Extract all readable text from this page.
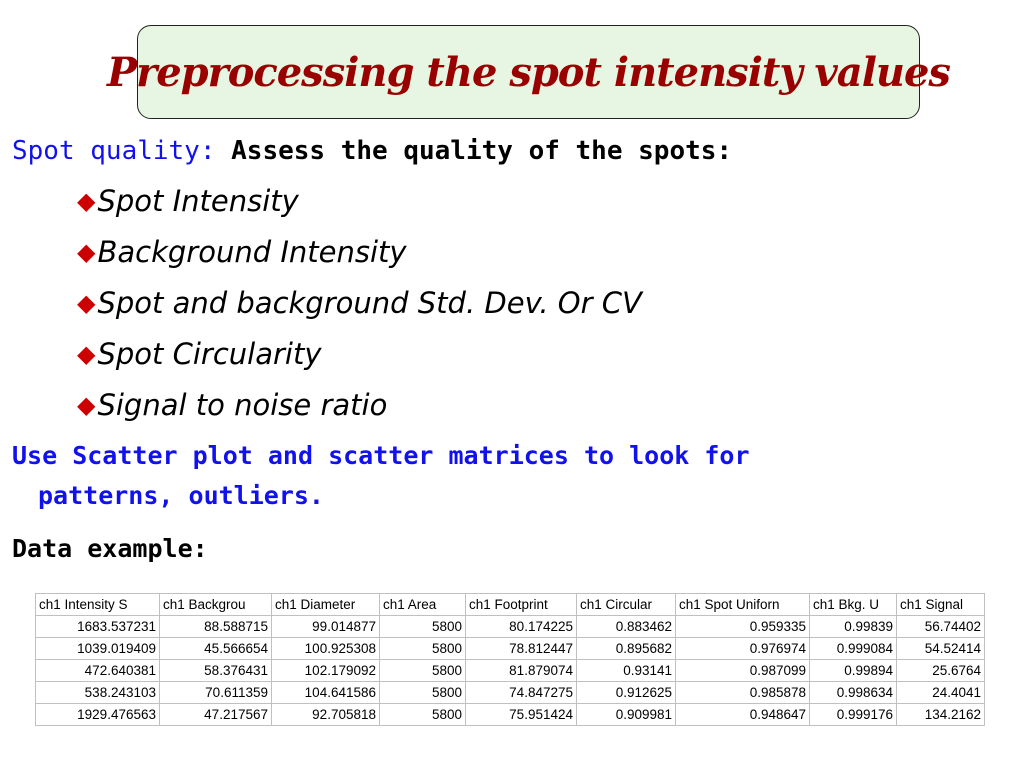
Preprocessing the spot intensity values
Spot quality: Assess the quality of the spots:
◆Spot Intensity
◆Background Intensity
◆Spot and background Std. Dev. Or CV
◆Spot Circularity
◆Signal to noise ratio
Use Scatter plot and scatter matrices to look for
patterns, outliers.
Data example:
ch1 Intensity S	ch1 Backgrou	ch1 Diameter	ch1 Area	ch1 Footprint	ch1 Circular	ch1 Spot Uniforn	ch1 Bkg. U	ch1 Signal
1683.537231	88.588715	99.014877	5800	80.174225	0.883462	0.959335	0.99839	56.74402
1039.019409	45.566654	100.925308	5800	78.812447	0.895682	0.976974	0.999084	54.52414
472.640381	58.376431	102.179092	5800	81.879074	0.93141	0.987099	0.99894	25.6764
538.243103	70.611359	104.641586	5800	74.847275	0.912625	0.985878	0.998634	24.4041
1929.476563	47.217567	92.705818	5800	75.951424	0.909981	0.948647	0.999176	134.2162
